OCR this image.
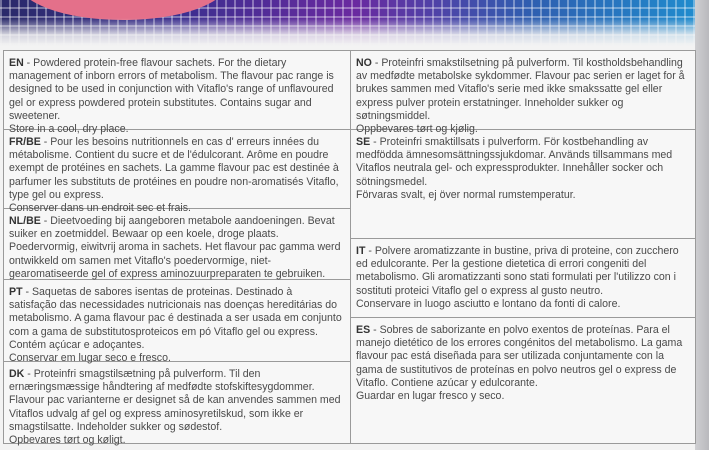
EN - Powdered protein-free flavour sachets. For the dietary management of inborn errors of metabolism. The flavour pac range is designed to be used in conjunction with Vitaflo's range of unflavoured gel or express powdered protein substitutes. Contains sugar and sweetener.

Store in a cool, dry place.

FR/BE - Pour les besoins nutritionnels en cas d' erreurs innées du métabolisme. Contient du sucre et de l'édulcorant. Arôme en poudre exempt de protéines en sachets. La gamme flavour pac est destinée à parfumer les substituts de protéines en poudre non-aromatisés Vitaflo, type gel ou express.

Conserver dans un endroit sec et frais.

NL/BE - Dieetvoeding bij aangeboren metabole aandoeningen. Bevat suiker en zoetmiddel. Bewaar op een koele, droge plaats. Poedervormig, eiwitvrij aroma in sachets. Het flavour pac gamma werd ontwikkeld om samen met Vitaflo's poedervormige, niet-gearomatiseerde gel of express aminozuurpreparaten te gebruiken.

PT - Saquetas de sabores isentas de proteinas. Destinado à satisfação das necessidades nutricionais nas doenças hereditárias do metabolismo. A gama flavour pac é destinada a ser usada em conjunto com a gama de substitutosproteicos em pó Vitaflo gel ou express. Contém açúcar e adoçantes.

Conservar em lugar seco e fresco.

DK - Proteinfri smagstilsætning på pulverform. Til den ernæringsmæssige håndtering af medfødte stofskiftesygdommer. Flavour pac varianterne er designet så de kan anvendes sammen med Vitaflos udvalg af gel og express aminosyretilskud, som ikke er smagstilsatte. Indeholder sukker og sødestof.

Opbevares tørt og køligt.

NO - Proteinfri smakstilsetning på pulverform. Til kostholdsbehandling av medfødte metabolske sykdommer. Flavour pac serien er laget for å brukes sammen med Vitaflo's serie med ikke smakssatte gel eller express pulver protein erstatninger. Inneholder sukker og søtningsmiddel.

Oppbevares tørt og kjølig.

SE - Proteinfri smaktillsats i pulverform. För kostbehandling av medfödda ämnesomsättningssjukdomar. Används tillsammans med Vitaflos neutrala gel- och expressprodukter. Innehåller socker och sötningsmedel.

Förvaras svalt, ej över normal rumstemperatur.

IT - Polvere aromatizzante in bustine, priva di proteine, con zucchero ed edulcorante. Per la gestione dietetica di errori congeniti del metabolismo. Gli aromatizzanti sono stati formulati per l'utilizzo con i sostituti proteici Vitaflo gel o express al gusto neutro.

Conservare in luogo asciutto e lontano da fonti di calore.

ES - Sobres de saborizante en polvo exentos de proteínas. Para el manejo dietético de los errores congénitos del metabolismo. La gama flavour pac está diseñada para ser utilizada conjuntamente con la gama de sustitutivos de proteínas en polvo neutros gel o express de Vitaflo. Contiene azúcar y edulcorante.

Guardar en lugar fresco y seco.
